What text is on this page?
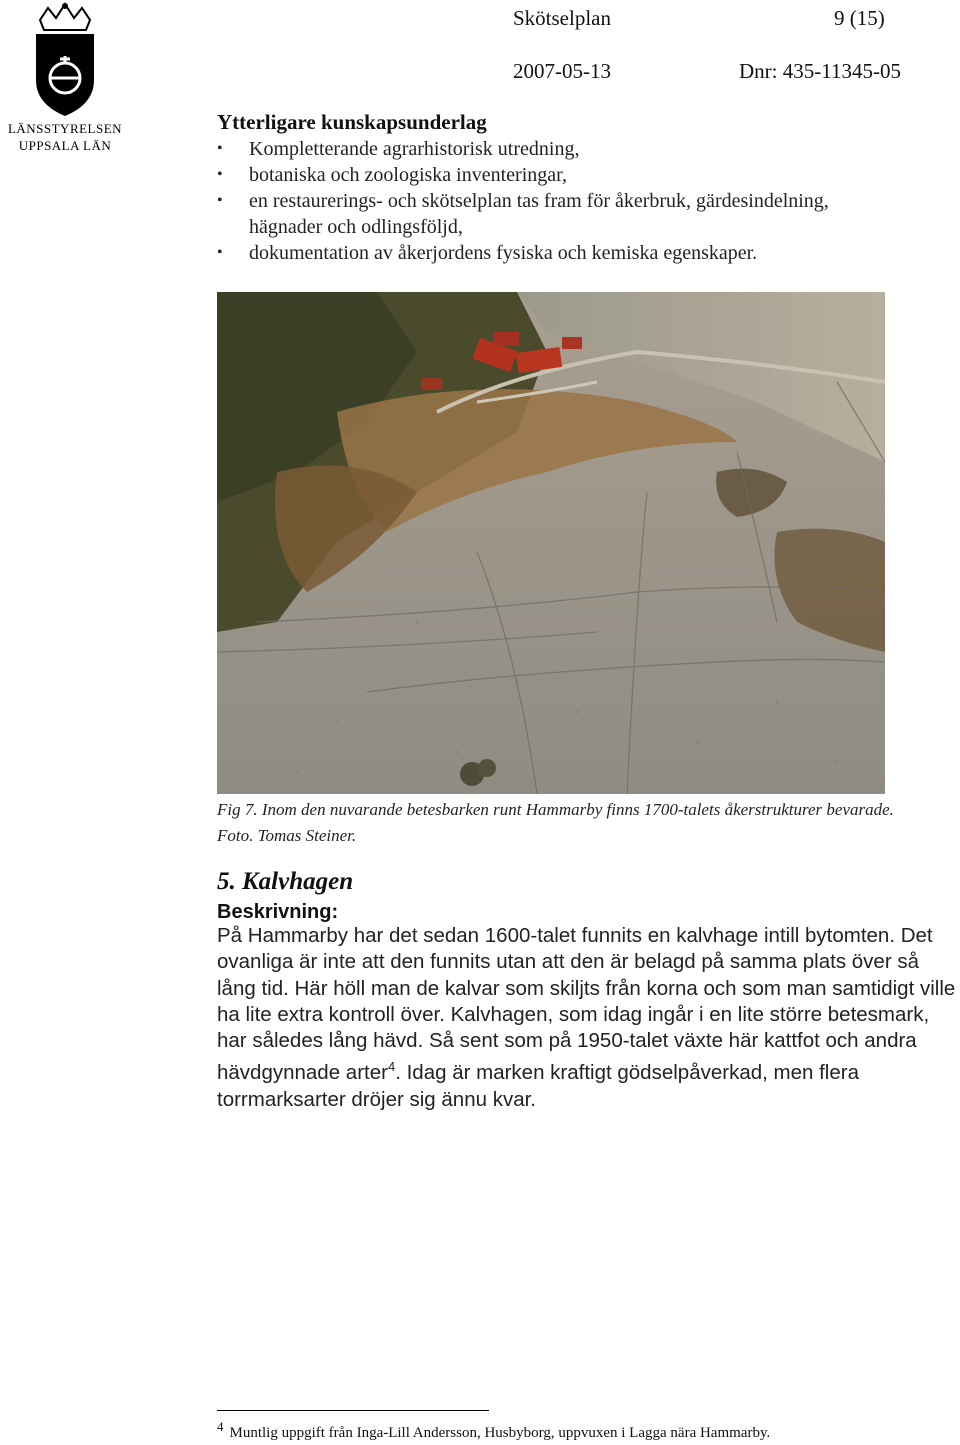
LÄNSSTYRELSEN
UPPSALA LÄN
Skötselplan	9 (15)
2007-05-13	Dnr: 435-11345-05
Ytterligare kunskapsunderlag
• Kompletterande agrarhistorisk utredning,
• botaniska och zoologiska inventeringar,
• en restaurerings- och skötselplan tas fram för åkerbruk, gärdesindelning,
hägnader och odlingsföljd,
• dokumentation av åkerjordens fysiska och kemiska egenskaper.
Fig 7. Inom den nuvarande betesbarken runt Hammarby finns 1700-talets åkerstrukturer bevarade. Foto. Tomas Steiner.
5. Kalvhagen
Beskrivning:
På Hammarby har det sedan 1600-talet funnits en kalvhage intill bytomten. Det ovanliga är inte att den funnits utan att den är belagd på samma plats över så lång tid. Här höll man de kalvar som skiljts från korna och som man samtidigt ville ha lite extra kontroll över. Kalvhagen, som idag ingår i en lite större betesmark, har således lång hävd. Så sent som på 1950-talet växte här kattfot och andra hävdgynnade arter$^4$. Idag är marken kraftigt gödselpåverkad, men flera torrmarksarter dröjer sig ännu kvar.
4 Muntlig uppgift från Inga-Lill Andersson, Husbyborg, uppvuxen i Lagga nära Hammarby.
